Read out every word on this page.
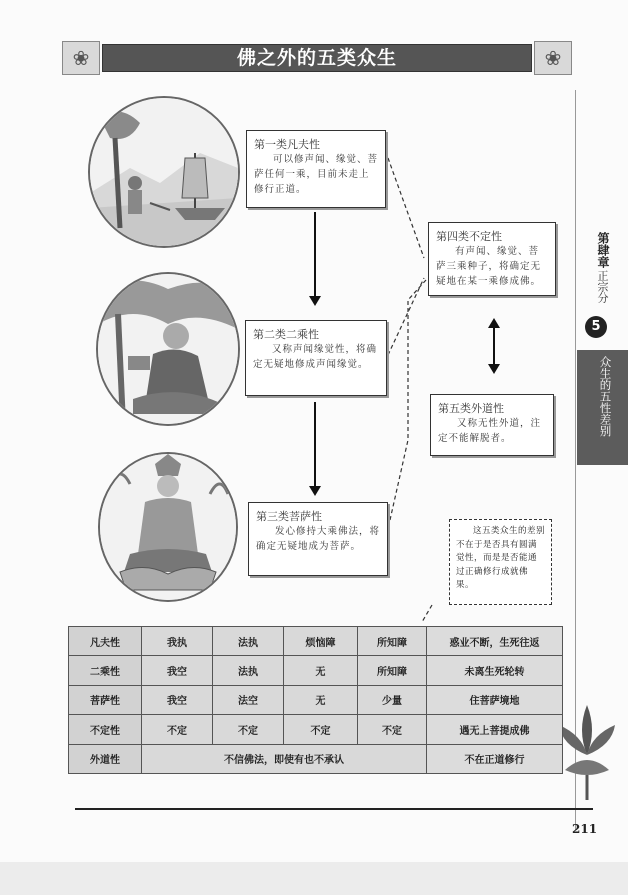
❀	佛之外的五类众生	❀
第一类凡夫性
可以修声闻、缘觉、菩萨任何一乘，目前未走上修行正道。
第二类二乘性
又称声闻缘觉性，将确定无疑地修成声闻缘觉。
第三类菩萨性
发心修持大乘佛法，将确定无疑地成为菩萨。
第四类不定性
有声闻、缘觉、菩萨三乘种子，将确定无疑地在某一乘修成佛。
第五类外道性
又称无性外道，注定不能解脱者。
这五类众生的差别不在于是否具有圆满觉性，而是是否能通过正确修行成就佛果。
第肆章
正宗分
5
众生的五性差别
凡夫性	我执	法执	烦恼障	所知障	惑业不断，生死往返
二乘性	我空	法执	无	所知障	未离生死轮转
菩萨性	我空	法空	无	少量	住菩萨境地
不定性	不定	不定	不定	不定	遇无上菩提成佛
外道性	不信佛法，即使有也不承认				不在正道修行
211
